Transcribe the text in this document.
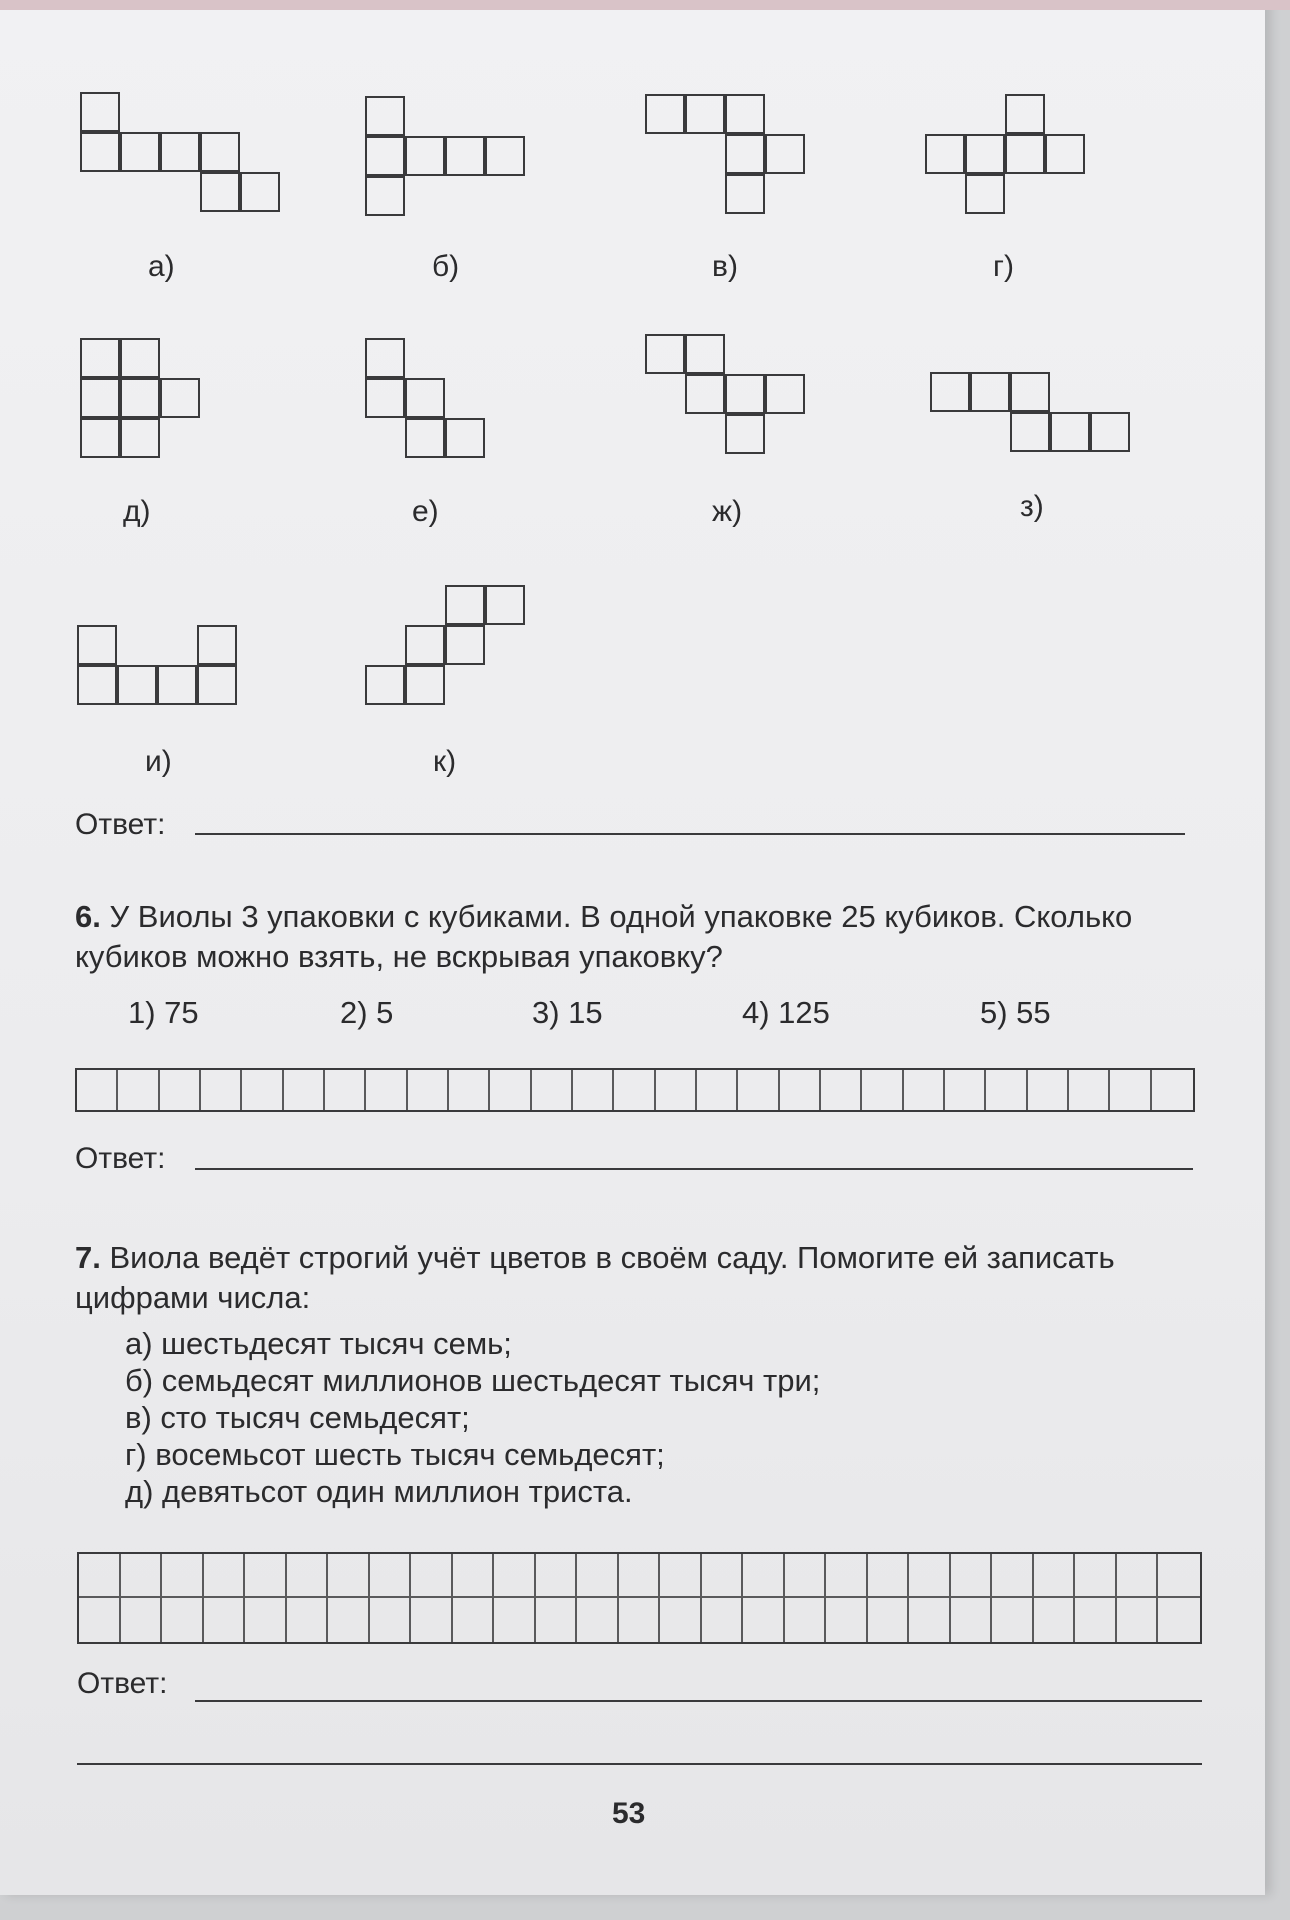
а)	б)	в)	г)
д)	е)	ж)	з)
и)	к)
Ответ:
6. У Виолы 3 упаковки с кубиками. В одной упаковке 25 кубиков. Сколько кубиков можно взять, не вскрывая упаковку?
1) 75	2) 5	3) 15	4) 125	5) 55
Ответ:
7. Виола ведёт строгий учёт цветов в своём саду. Помогите ей записать цифрами числа:
а) шестьдесят тысяч семь;
б) семьдесят миллионов шестьдесят тысяч три;
в) сто тысяч семьдесят;
г) восемьсот шесть тысяч семьдесят;
д) девятьсот один миллион триста.
Ответ:
53
